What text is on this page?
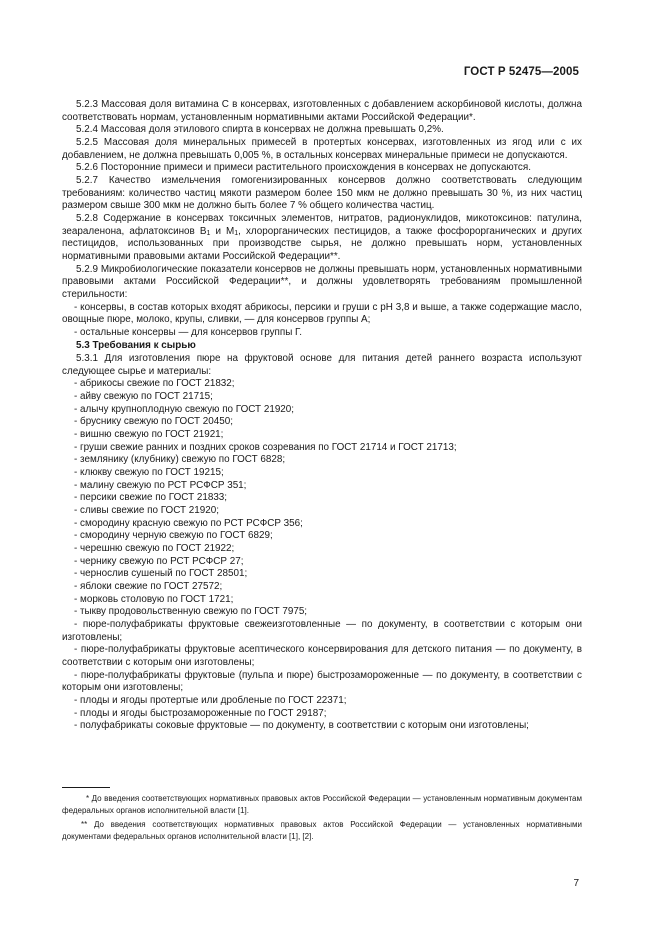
ГОСТ Р 52475—2005

5.2.3 Массовая доля витамина С в консервах, изготовленных с добавлением аскорбиновой кислоты, должна соответствовать нормам, установленным нормативными актами Российской Федерации*.

5.2.4 Массовая доля этилового спирта в консервах не должна превышать 0,2%.

5.2.5 Массовая доля минеральных примесей в протертых консервах, изготовленных из ягод или с их добавлением, не должна превышать 0,005 %, в остальных консервах минеральные примеси не допускаются.

5.2.6 Посторонние примеси и примеси растительного происхождения в консервах не допускаются.

5.2.7 Качество измельчения гомогенизированных консервов должно соответствовать следующим требованиям: количество частиц мякоти размером более 150 мкм не должно превышать 30 %, из них частиц размером свыше 300 мкм не должно быть более 7 % общего количества частиц.

5.2.8 Содержание в консервах токсичных элементов, нитратов, радионуклидов, микотоксинов: патулина, зеараленона, афлатоксинов B1 и M1, хлорорганических пестицидов, а также фосфорорганических и других пестицидов, использованных при производстве сырья, не должно превышать норм, установленных нормативными правовыми актами Российской Федерации**.

5.2.9 Микробиологические показатели консервов не должны превышать норм, установленных нормативными правовыми актами Российской Федерации**, и должны удовлетворять требованиям промышленной стерильности:

- консервы, в состав которых входят абрикосы, персики и груши с pH 3,8 и выше, а также содержащие масло, овощные пюре, молоко, крупы, сливки, — для консервов группы А;

- остальные консервы — для консервов группы Г.

5.3 Требования к сырью

5.3.1 Для изготовления пюре на фруктовой основе для питания детей раннего возраста используют следующее сырье и материалы:

- абрикосы свежие по ГОСТ 21832;

- айву свежую по ГОСТ 21715;

- алычу крупноплодную свежую по ГОСТ 21920;

- бруснику свежую по ГОСТ 20450;

- вишню свежую по ГОСТ 21921;

- груши свежие ранних и поздних сроков созревания по ГОСТ 21714 и ГОСТ 21713;

- землянику (клубнику) свежую по ГОСТ 6828;

- клюкву свежую по ГОСТ 19215;

- малину свежую по РСТ РСФСР 351;

- персики свежие по ГОСТ 21833;

- сливы свежие по ГОСТ 21920;

- смородину красную свежую по РСТ РСФСР 356;

- смородину черную свежую по ГОСТ 6829;

- черешню свежую по ГОСТ 21922;

- чернику свежую по РСТ РСФСР 27;

- чернослив сушеный по ГОСТ 28501;

- яблоки свежие по ГОСТ 27572;

- морковь столовую по ГОСТ 1721;

- тыкву продовольственную свежую по ГОСТ 7975;

- пюре-полуфабрикаты фруктовые свежеизготовленные — по документу, в соответствии с которым они изготовлены;

- пюре-полуфабрикаты фруктовые асептического консервирования для детского питания — по документу, в соответствии с которым они изготовлены;

- пюре-полуфабрикаты фруктовые (пульпа и пюре) быстрозамороженные — по документу, в соответствии с которым они изготовлены;

- плоды и ягоды протертые или дробленые по ГОСТ 22371;

- плоды и ягоды быстрозамороженные по ГОСТ 29187;

- полуфабрикаты соковые фруктовые — по документу, в соответствии с которым они изготовлены;

* До введения соответствующих нормативных правовых актов Российской Федерации — установленным нормативным документам федеральных органов исполнительной власти [1].

** До введения соответствующих нормативных правовых актов Российской Федерации — установленных нормативными документами федеральных органов исполнительной власти [1], [2].

7
